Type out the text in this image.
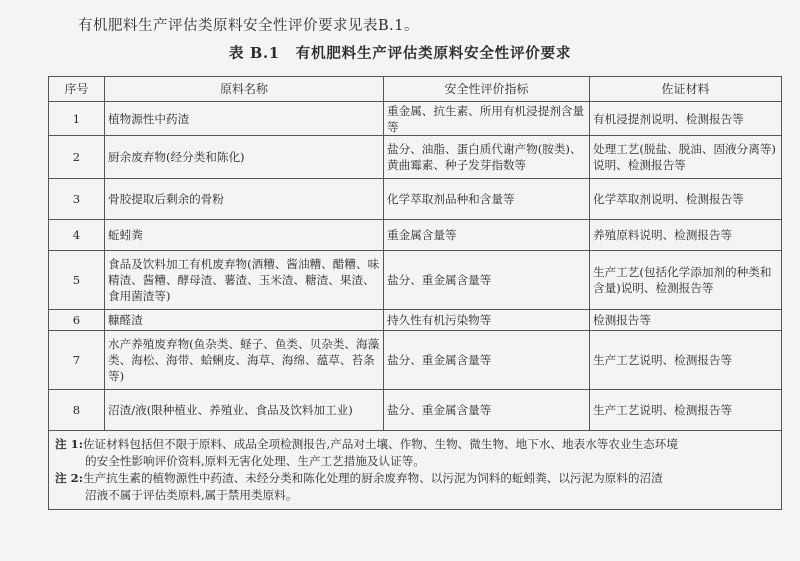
有机肥料生产评估类原料安全性评价要求见表B.1。
表 B.1 有机肥料生产评估类原料安全性评价要求
序号	原料名称	安全性评价指标	佐证材料
1	植物源性中药渣	重金属、抗生素、所用有机浸提剂含量等	有机浸提剂说明、检测报告等
2	厨余废弃物(经分类和陈化)	盐分、油脂、蛋白质代谢产物(胺类)、黄曲霉素、种子发芽指数等	处理工艺(脱盐、脱油、固液分离等)说明、检测报告等
3	骨胶提取后剩余的骨粉	化学萃取剂品种和含量等	化学萃取剂说明、检测报告等
4	蚯蚓粪	重金属含量等	养殖原料说明、检测报告等
5	食品及饮料加工有机废弃物(酒糟、酱油糟、醋糟、味精渣、酱糟、酵母渣、薯渣、玉米渣、糖渣、果渣、食用菌渣等)	盐分、重金属含量等	生产工艺(包括化学添加剂的种类和含量)说明、检测报告等
6	糠醛渣	持久性有机污染物等	检测报告等
7	水产养殖废弃物(鱼杂类、蛏子、鱼类、贝杂类、海藻类、海松、海带、蛤蜊皮、海草、海绵、蕴草、苔条等)	盐分、重金属含量等	生产工艺说明、检测报告等
8	沼渣/液(限种植业、养殖业、食品及饮料加工业)	盐分、重金属含量等	生产工艺说明、检测报告等

注 1:佐证材料包括但不限于原料、成品全项检测报告,产品对土壤、作物、生物、微生物、地下水、地表水等农业生态环境
的安全性影响评价资料,原料无害化处理、生产工艺措施及认证等。
注 2:生产抗生素的植物源性中药渣、未经分类和陈化处理的厨余废弃物、以污泥为饲料的蚯蚓粪、以污泥为原料的沼渣
沼液不属于评估类原料,属于禁用类原料。			
